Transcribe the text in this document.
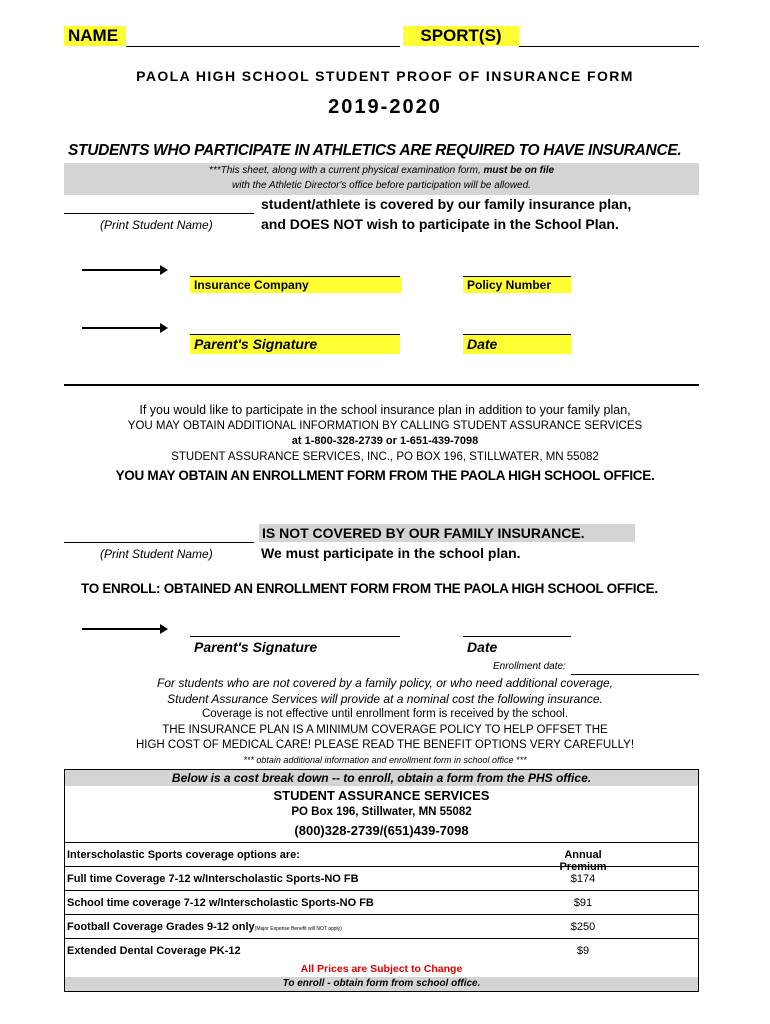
NAME	SPORT(S)
PAOLA HIGH SCHOOL STUDENT PROOF OF INSURANCE FORM
2019-2020
STUDENTS WHO PARTICIPATE IN ATHLETICS ARE REQUIRED TO HAVE INSURANCE.
***This sheet, along with a current physical examination form, must be on file
with the Athletic Director's office before participation will be allowed.
(Print Student Name)
student/athlete is covered by our family insurance plan,
and DOES NOT wish to participate in the School Plan.
Insurance Company	Policy Number
Parent's Signature	Date
If you would like to participate in the school insurance plan in addition to your family plan,
YOU MAY OBTAIN ADDITIONAL INFORMATION BY CALLING STUDENT ASSURANCE SERVICES
at 1-800-328-2739 or 1-651-439-7098
STUDENT ASSURANCE SERVICES, INC., PO BOX 196, STILLWATER, MN 55082
YOU MAY OBTAIN AN ENROLLMENT FORM FROM THE PAOLA HIGH SCHOOL OFFICE.
(Print Student Name)
IS NOT COVERED BY OUR FAMILY INSURANCE.
We must participate in the school plan.
TO ENROLL: OBTAINED AN ENROLLMENT FORM FROM THE PAOLA HIGH SCHOOL OFFICE.
Parent's Signature	Date
Enrollment date:
For students who are not covered by a family policy, or who need additional coverage,
Student Assurance Services will provide at a nominal cost the following insurance.
Coverage is not effective until enrollment form is received by the school.
THE INSURANCE PLAN IS A MINIMUM COVERAGE POLICY TO HELP OFFSET THE
HIGH COST OF MEDICAL CARE! PLEASE READ THE BENEFIT OPTIONS VERY CAREFULLY!
*** obtain additional information and enrollment form in school office ***
Below is a cost break down -- to enroll, obtain a form from the PHS office.
STUDENT ASSURANCE SERVICES
PO Box 196, Stillwater, MN 55082
(800)328-2739/(651)439-7098
Interscholastic Sports coverage options are:	Annual Premium
Full time Coverage 7-12 w/Interscholastic Sports-NO FB	$174
School time coverage 7-12 w/Interscholastic Sports-NO FB	$91
Football Coverage Grades 9-12 only(Major Expense Benefit will NOT apply)	$250
Extended Dental Coverage PK-12	$9
All Prices are Subject to Change
To enroll - obtain form from school office.
